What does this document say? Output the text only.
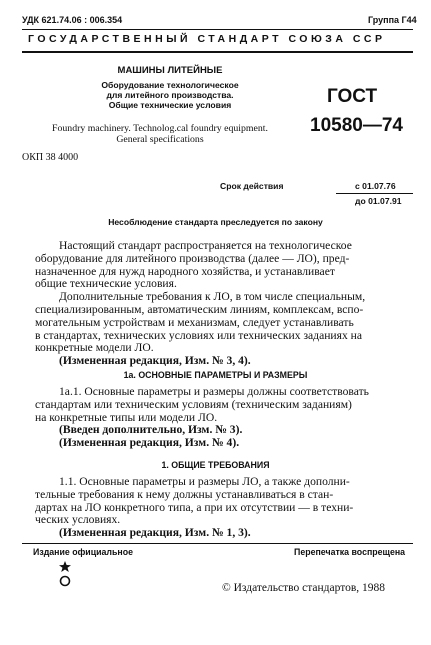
УДК 621.74.06 : 006.354	Группа Г44
ГОСУДАРСТВЕННЫЙ СТАНДАРТ СОЮЗА ССР
МАШИНЫ ЛИТЕЙНЫЕ
Оборудование технологическое
для литейного производства.
Общие технические условия
Foundry machinery. Technolog.cal foundry equipment.
General specifications
ГОСТ
10580—74
ОКП 38 4000
Срок действия	с 01.07.76
до 01.07.91
Несоблюдение стандарта преследуется по закону
Настоящий стандарт распространяется на технологическое
оборудование для литейного производства (далее — ЛО), пред-
назначенное для нужд народного хозяйства, и устанавливает
общие технические условия.
Дополнительные требования к ЛО, в том числе специальным,
специализированным, автоматическим линиям, комплексам, вспо-
могательным устройствам и механизмам, следует устанавливать
в стандартах, технических условиях или технических заданиях на
конкретные модели ЛО.
(Измененная редакция, Изм. № 3, 4).
1а. ОСНОВНЫЕ ПАРАМЕТРЫ И РАЗМЕРЫ
1а.1. Основные параметры и размеры должны соответствовать
стандартам или техническим условиям (техническим заданиям)
на конкретные типы или модели ЛО.
(Введен дополнительно, Изм. № 3).
(Измененная редакция, Изм. № 4).
1. ОБЩИЕ ТРЕБОВАНИЯ
1.1. Основные параметры и размеры ЛО, а также дополни-
тельные требования к нему должны устанавливаться в стан-
дартах на ЛО конкретного типа, а при их отсутствии — в техни-
ческих условиях.
(Измененная редакция, Изм. № 1, 3).
Издание официальное	Перепечатка воспрещена
© Издательство стандартов, 1988
